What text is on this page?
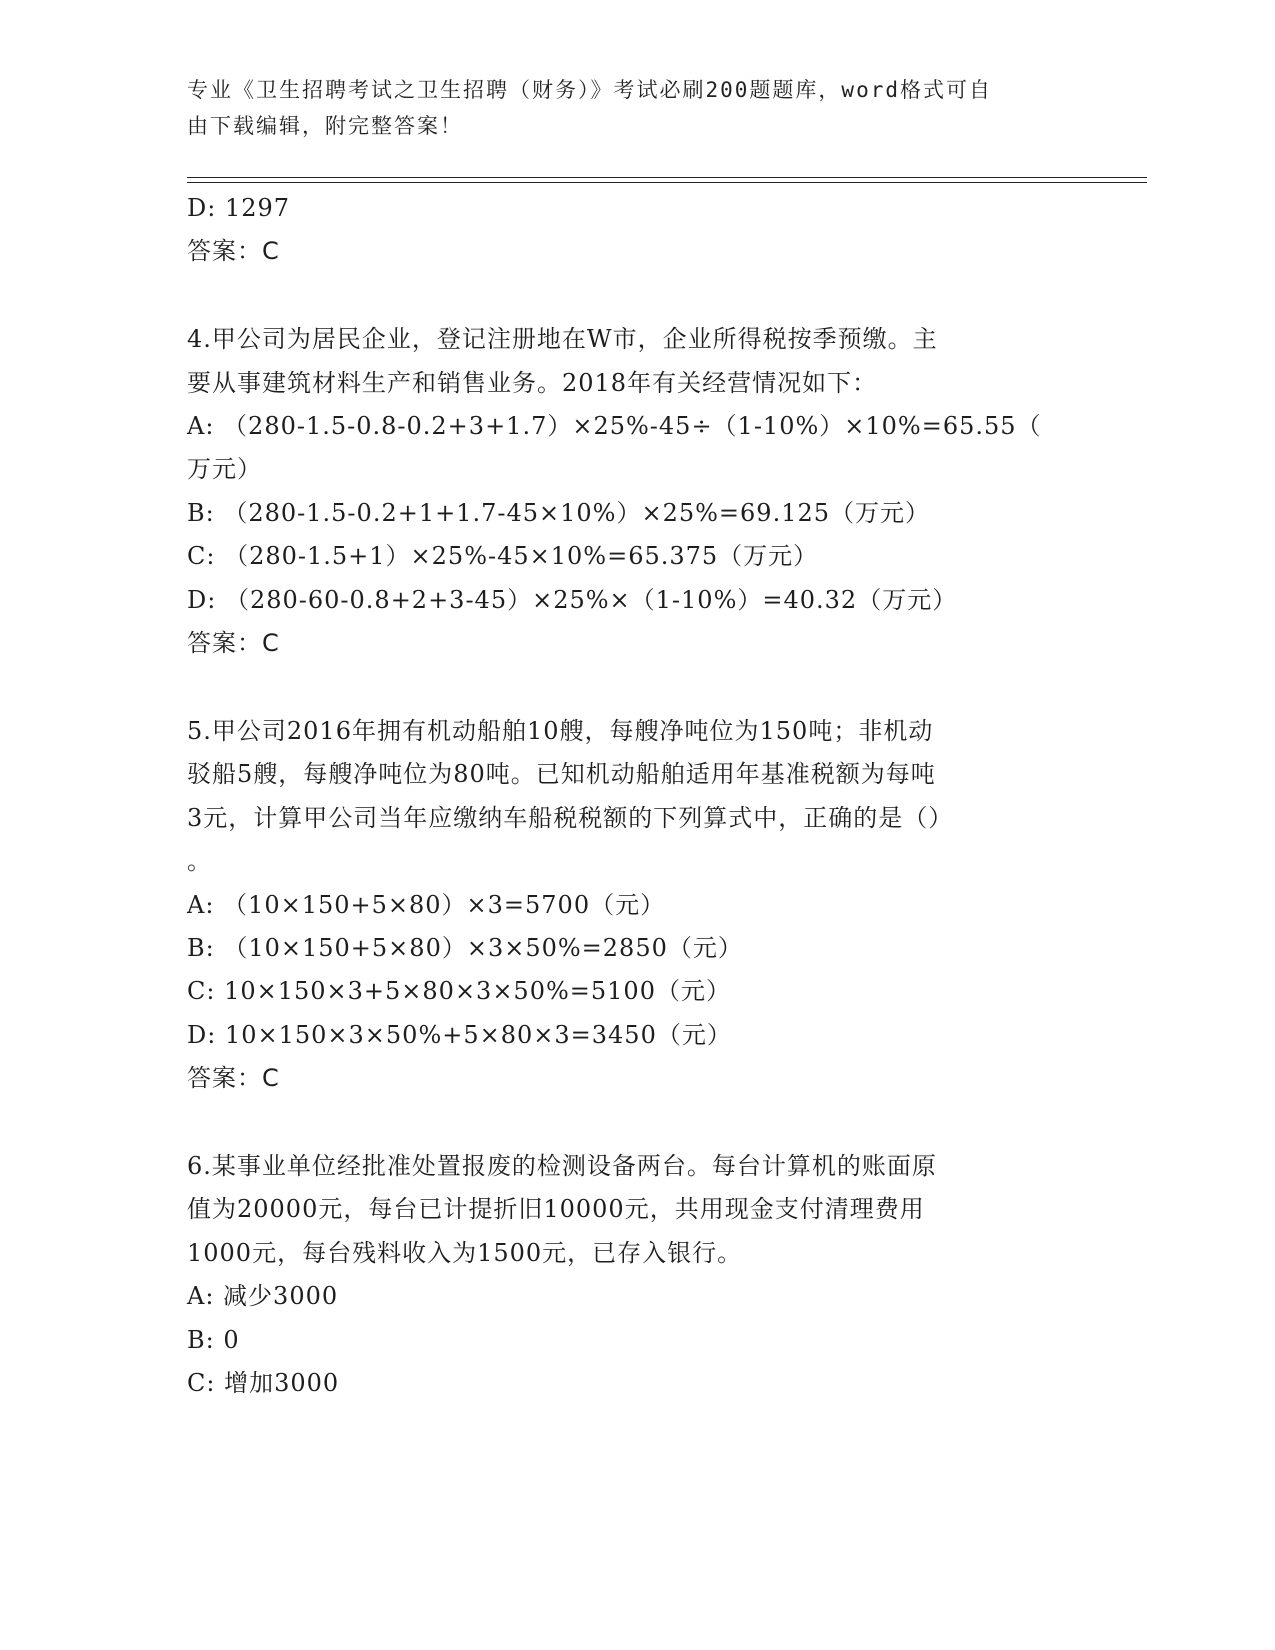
专业《卫生招聘考试之卫生招聘（财务）》考试必刷200题题库，word格式可自
由下载编辑，附完整答案！
D: 1297
答案：C
4.甲公司为居民企业，登记注册地在W市，企业所得税按季预缴。主
要从事建筑材料生产和销售业务。2018年有关经营情况如下：
A: （280-1.5-0.8-0.2+3+1.7）×25%-45÷（1-10%）×10%=65.55（
万元）
B: （280-1.5-0.2+1+1.7-45×10%）×25%=69.125（万元）
C: （280-1.5+1）×25%-45×10%=65.375（万元）
D: （280-60-0.8+2+3-45）×25%×（1-10%）=40.32（万元）
答案：C
5.甲公司2016年拥有机动船舶10艘，每艘净吨位为150吨；非机动
驳船5艘，每艘净吨位为80吨。已知机动船舶适用年基准税额为每吨
3元，计算甲公司当年应缴纳车船税税额的下列算式中，正确的是（）
。
A: （10×150+5×80）×3=5700（元）
B: （10×150+5×80）×3×50%=2850（元）
C: 10×150×3+5×80×3×50%=5100（元）
D: 10×150×3×50%+5×80×3=3450（元）
答案：C
6.某事业单位经批准处置报废的检测设备两台。每台计算机的账面原
值为20000元，每台已计提折旧10000元，共用现金支付清理费用
1000元，每台残料收入为1500元，已存入银行。
A: 减少3000
B: 0
C: 增加3000
